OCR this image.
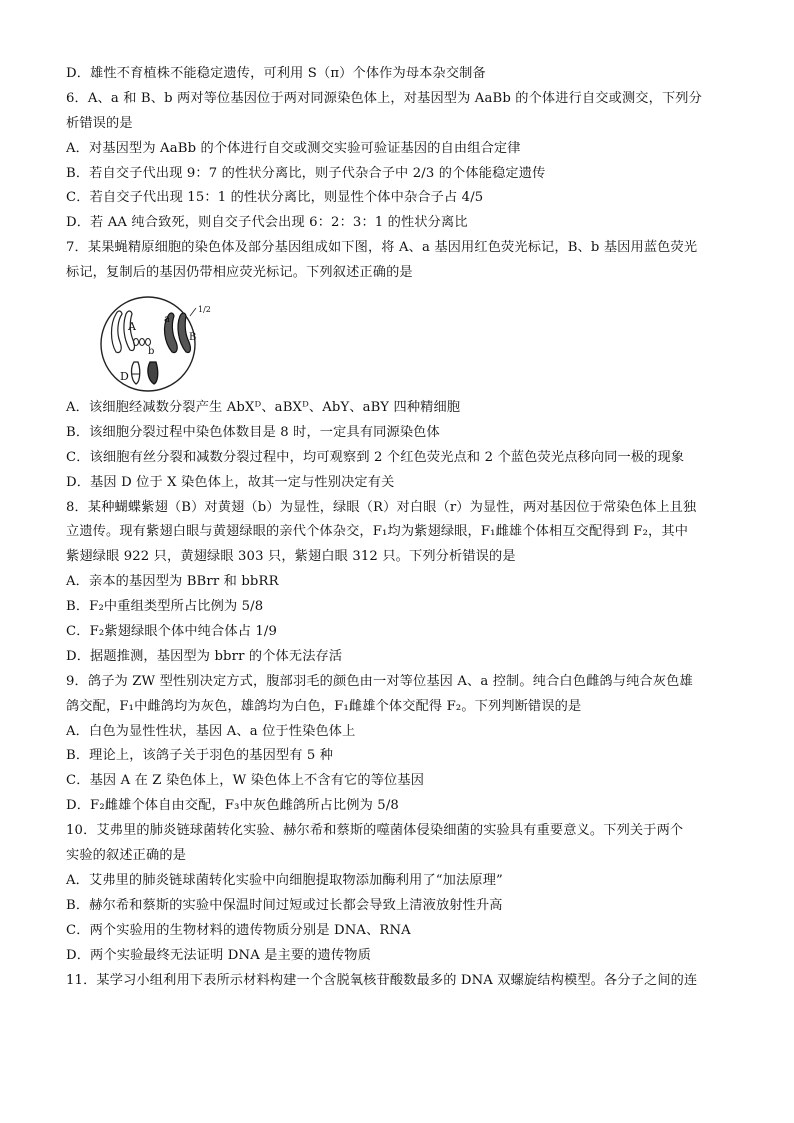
D．雄性不育植株不能稳定遗传，可利用 S（π）个体作为母本杂交制备
6．A、a 和 B、b 两对等位基因位于两对同源染色体上，对基因型为 AaBb 的个体进行自交或测交，下列分
析错误的是
A．对基因型为 AaBb 的个体进行自交或测交实验可验证基因的自由组合定律
B．若自交子代出现 9：7 的性状分离比，则子代杂合子中 2/3 的个体能稳定遗传
C．若自交子代出现 15：1 的性状分离比，则显性个体中杂合子占 4/5
D．若 AA 纯合致死，则自交子代会出现 6：2：3：1 的性状分离比
7．某果蝇精原细胞的染色体及部分基因组成如下图，将 A、a 基因用红色荧光标记，B、b 基因用蓝色荧光
标记，复制后的基因仍带相应荧光标记。下列叙述正确的是
A
a
b
B
D
1/2
A．该细胞经减数分裂产生 AbXᴰ、aBXᴰ、AbY、aBY 四种精细胞
B．该细胞分裂过程中染色体数目是 8 时，一定具有同源染色体
C．该细胞有丝分裂和减数分裂过程中，均可观察到 2 个红色荧光点和 2 个蓝色荧光点移向同一极的现象
D．基因 D 位于 X 染色体上，故其一定与性别决定有关
8．某种蝴蝶紫翅（B）对黄翅（b）为显性，绿眼（R）对白眼（r）为显性，两对基因位于常染色体上且独
立遗传。现有紫翅白眼与黄翅绿眼的亲代个体杂交，F₁均为紫翅绿眼，F₁雌雄个体相互交配得到 F₂，其中
紫翅绿眼 922 只，黄翅绿眼 303 只，紫翅白眼 312 只。下列分析错误的是
A．亲本的基因型为 BBrr 和 bbRR
B．F₂中重组类型所占比例为 5/8
C．F₂紫翅绿眼个体中纯合体占 1/9
D．据题推测，基因型为 bbrr 的个体无法存活
9．鸽子为 ZW 型性别决定方式，腹部羽毛的颜色由一对等位基因 A、a 控制。纯合白色雌鸽与纯合灰色雄
鸽交配，F₁中雌鸽均为灰色，雄鸽均为白色，F₁雌雄个体交配得 F₂。下列判断错误的是
A．白色为显性性状，基因 A、a 位于性染色体上
B．理论上，该鸽子关于羽色的基因型有 5 种
C．基因 A 在 Z 染色体上，W 染色体上不含有它的等位基因
D．F₂雌雄个体自由交配，F₃中灰色雌鸽所占比例为 5/8
10．艾弗里的肺炎链球菌转化实验、赫尔希和蔡斯的噬菌体侵染细菌的实验具有重要意义。下列关于两个
实验的叙述正确的是
A．艾弗里的肺炎链球菌转化实验中向细胞提取物添加酶利用了“加法原理”
B．赫尔希和蔡斯的实验中保温时间过短或过长都会导致上清液放射性升高
C．两个实验用的生物材料的遗传物质分别是 DNA、RNA
D．两个实验最终无法证明 DNA 是主要的遗传物质
11．某学习小组利用下表所示材料构建一个含脱氧核苷酸数最多的 DNA 双螺旋结构模型。各分子之间的连
